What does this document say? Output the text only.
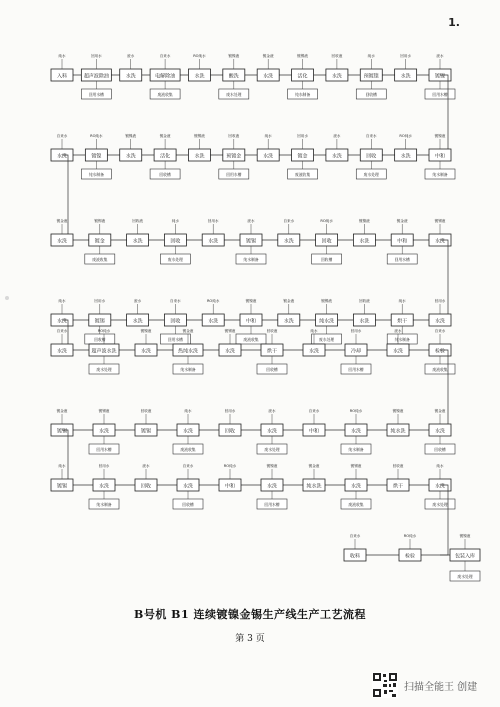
入料
纯水
超声波除油
回用水
回用水槽
水洗
废水
电解除油
自来水
废液收集
水洗
RO纯水
酸洗
镀镍液
废水处理
水洗
镀金液
活化
镀锡液
纯水制备
水洗
回收液
预镀镍
纯水
回收槽
水洗
回用水
镀镍
废水
回用水槽
水洗
自来水
镀镍
RO纯水
纯水制备
水洗
镀镍液
活化
镀金液
回收槽
水洗
镀锡液
预镀金
回收液
回用水槽
水洗
纯水
镀金
回用水
废液收集
水洗
废水
回收
自来水
废水处理
水洗
RO纯水
中和
镀镍液
纯水制备
水洗
镀金液
镀金
镀锡液
废液收集
水洗
回收液
回收
纯水
废水处理
水洗
回用水
镀锡
废水
纯水制备
水洗
自来水
回收
RO纯水
回收槽
水洗
镀镍液
中和
镀金液
回用水槽
水洗
镀锡液
水洗
纯水
镀锡
回用水
回收槽
水洗
废水
回收
自来水
回用水槽
水洗
RO纯水
中和
镀镍液
废液收集
水洗
镀金液
纯水洗
镀锡液
废水处理
水洗
回收液
烘干
纯水
纯水制备
水洗
回用水
水洗
自来水
超声波水洗
RO纯水
废水处理
水洗
镀镍液
热纯水洗
镀金液
纯水制备
水洗
镀锡液
烘干
回收液
回收槽
水洗
纯水
冷却
回用水
回用水槽
水洗
废水
检验
自来水
废液收集
镀锡
镀金液
水洗
镀锡液
回用水槽
镀锡
回收液
水洗
纯水
废液收集
回收
回用水
水洗
废水
废水处理
中和
自来水
水洗
RO纯水
纯水制备
纯水洗
镀镍液
水洗
镀金液
回收槽
镀锡
纯水
水洗
回用水
纯水制备
回收
废水
水洗
自来水
回收槽
中和
RO纯水
水洗
镀镍液
回用水槽
纯水洗
镀金液
水洗
镀锡液
废液收集
烘干
回收液
水洗
纯水
废水处理
收料
自来水
检验
RO纯水
包装入库
镀镍液
废水处理
1.
B号机 B1 连续镀镍金锡生产线生产工艺流程
第 3 页
扫描全能王 创建
